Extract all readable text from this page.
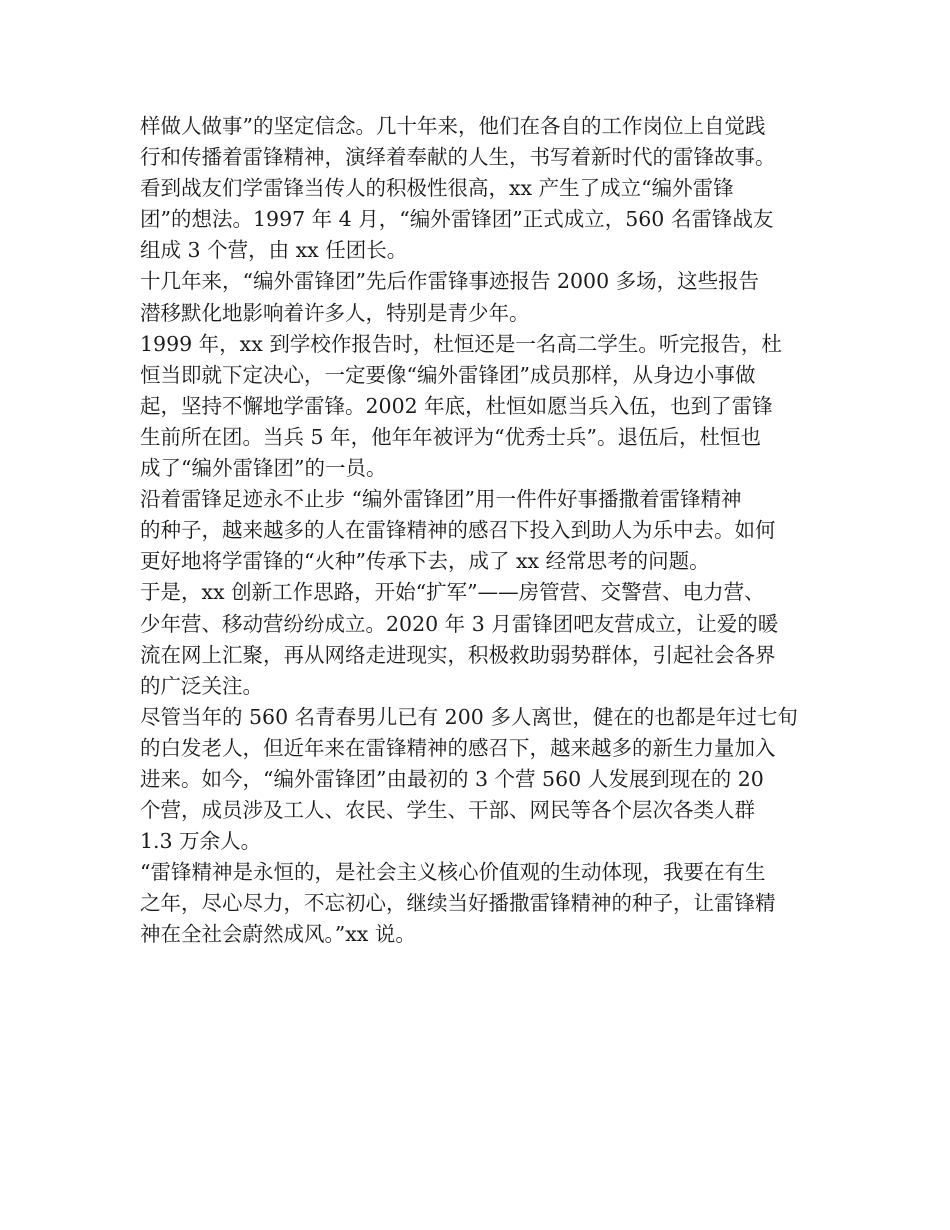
样做人做事”的坚定信念。几十年来，他们在各自的工作岗位上自觉践
行和传播着雷锋精神，演绎着奉献的人生，书写着新时代的雷锋故事。

看到战友们学雷锋当传人的积极性很高，xx 产生了成立“编外雷锋
团”的想法。1997 年 4 月，“编外雷锋团”正式成立，560 名雷锋战友
组成 3 个营，由 xx 任团长。

十几年来，“编外雷锋团”先后作雷锋事迹报告 2000 多场，这些报告
潜移默化地影响着许多人，特别是青少年。

1999 年，xx 到学校作报告时，杜恒还是一名高二学生。听完报告，杜
恒当即就下定决心，一定要像“编外雷锋团”成员那样，从身边小事做
起，坚持不懈地学雷锋。2002 年底，杜恒如愿当兵入伍，也到了雷锋
生前所在团。当兵 5 年，他年年被评为“优秀士兵”。退伍后，杜恒也
成了“编外雷锋团”的一员。

沿着雷锋足迹永不止步 “编外雷锋团”用一件件好事播撒着雷锋精神
的种子，越来越多的人在雷锋精神的感召下投入到助人为乐中去。如何
更好地将学雷锋的“火种”传承下去，成了 xx 经常思考的问题。

于是，xx 创新工作思路，开始“扩军”——房管营、交警营、电力营、
少年营、移动营纷纷成立。2020 年 3 月雷锋团吧友营成立，让爱的暖
流在网上汇聚，再从网络走进现实，积极救助弱势群体，引起社会各界
的广泛关注。

尽管当年的 560 名青春男儿已有 200 多人离世，健在的也都是年过七旬
的白发老人，但近年来在雷锋精神的感召下，越来越多的新生力量加入
进来。如今，“编外雷锋团”由最初的 3 个营 560 人发展到现在的 20
个营，成员涉及工人、农民、学生、干部、网民等各个层次各类人群
1.3 万余人。

“雷锋精神是永恒的，是社会主义核心价值观的生动体现，我要在有生
之年，尽心尽力，不忘初心，继续当好播撒雷锋精神的种子，让雷锋精
神在全社会蔚然成风。”xx 说。
